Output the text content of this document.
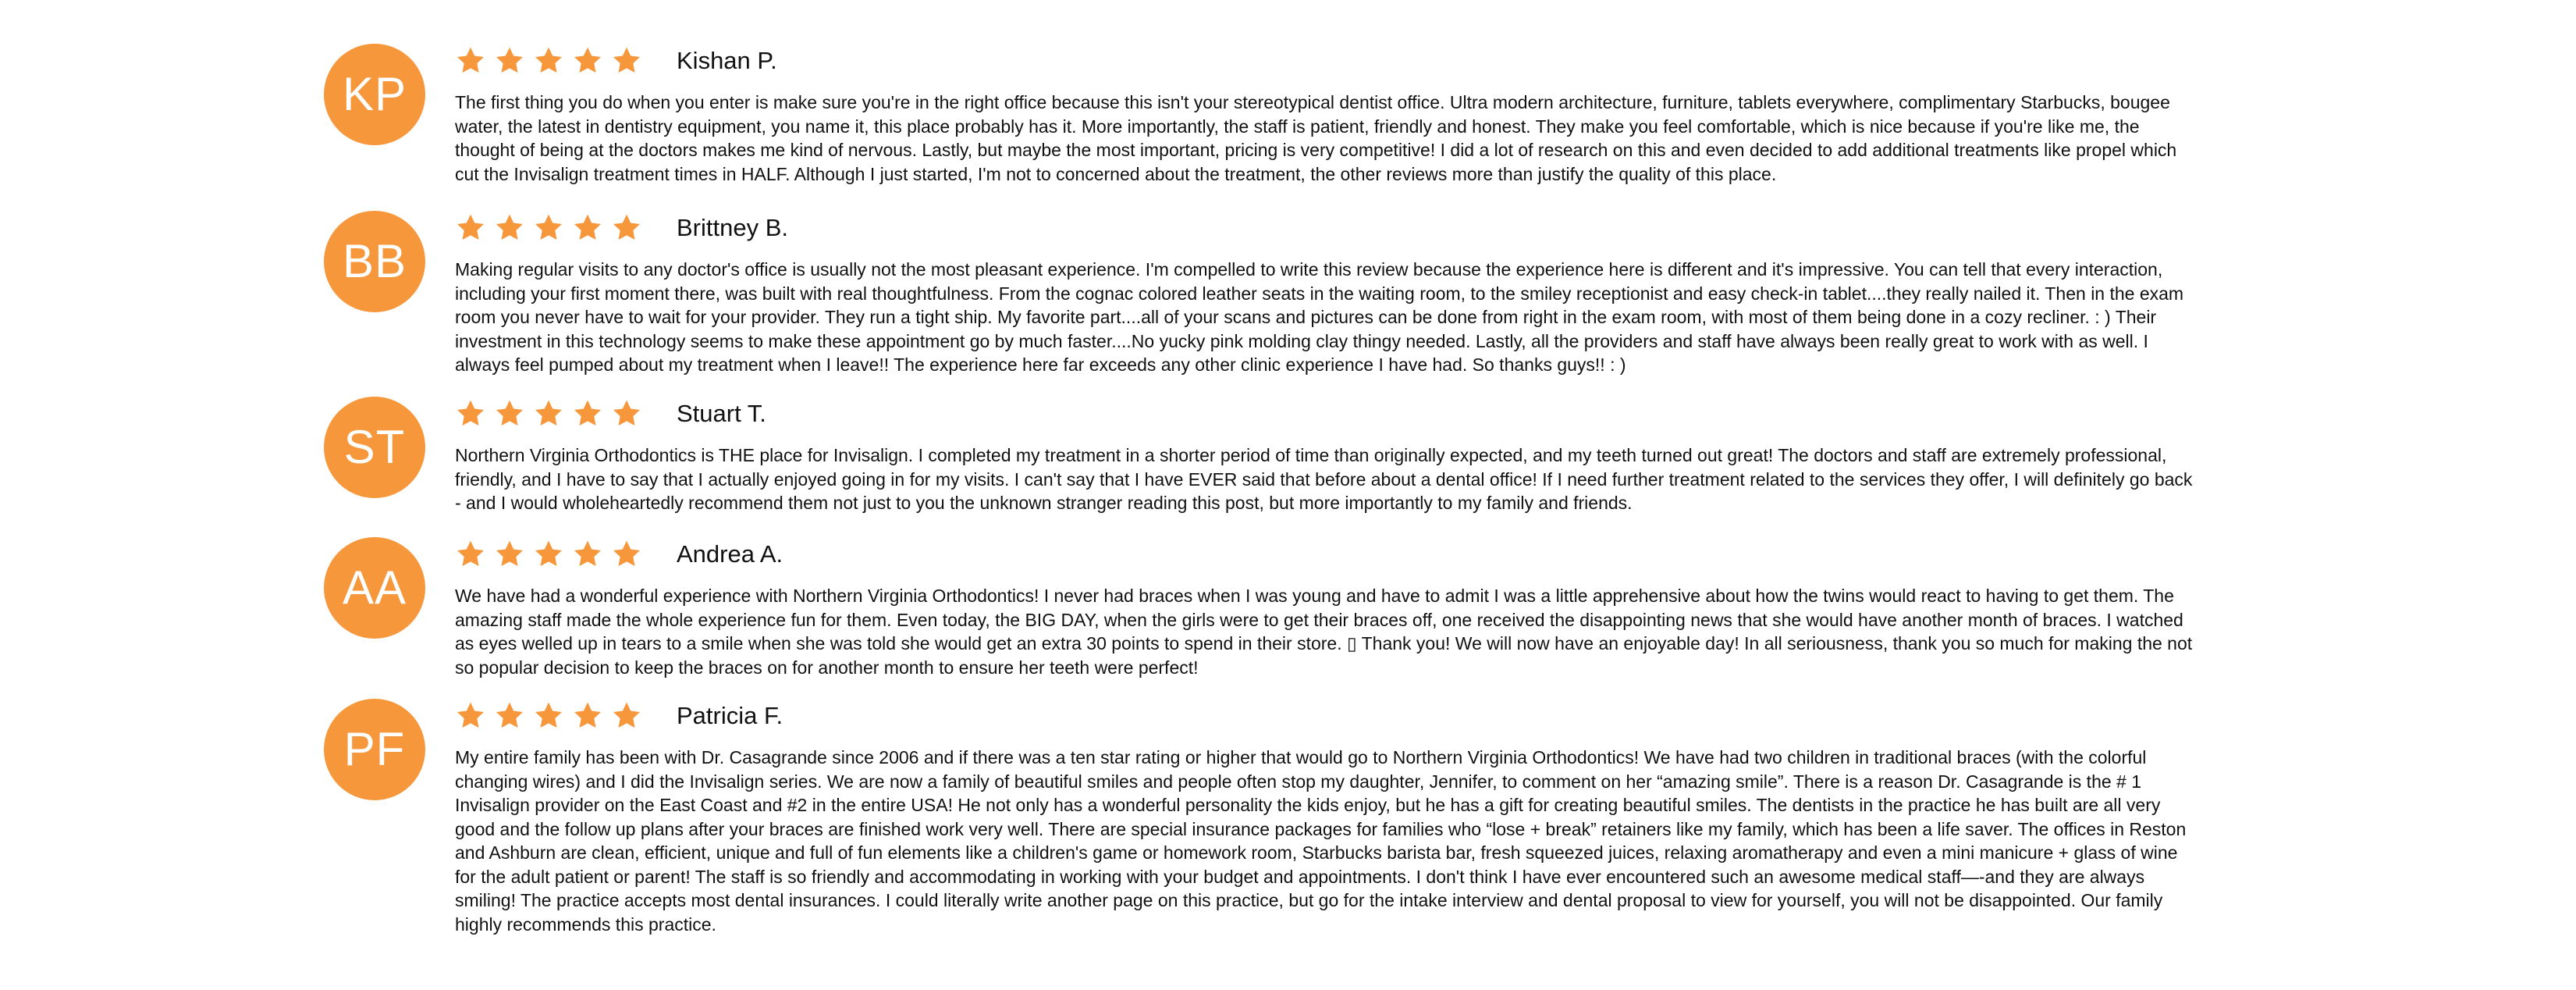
KP
Kishan P.

The first thing you do when you enter is make sure you're in the right office because this isn't your stereotypical dentist office. Ultra modern architecture, furniture, tablets everywhere, complimentary Starbucks, bougee water, the latest in dentistry equipment, you name it, this place probably has it. More importantly, the staff is patient, friendly and honest. They make you feel comfortable, which is nice because if you're like me, the thought of being at the doctors makes me kind of nervous. Lastly, but maybe the most important, pricing is very competitive! I did a lot of research on this and even decided to add additional treatments like propel which cut the Invisalign treatment times in HALF. Although I just started, I'm not to concerned about the treatment, the other reviews more than justify the quality of this place.

BB
Brittney B.

Making regular visits to any doctor's office is usually not the most pleasant experience. I'm compelled to write this review because the experience here is different and it's impressive. You can tell that every interaction, including your first moment there, was built with real thoughtfulness. From the cognac colored leather seats in the waiting room, to the smiley receptionist and easy check-in tablet....they really nailed it. Then in the exam room you never have to wait for your provider. They run a tight ship. My favorite part....all of your scans and pictures can be done from right in the exam room, with most of them being done in a cozy recliner. : ) Their investment in this technology seems to make these appointment go by much faster....No yucky pink molding clay thingy needed. Lastly, all the providers and staff have always been really great to work with as well. I always feel pumped about my treatment when I leave!! The experience here far exceeds any other clinic experience I have had. So thanks guys!! : )

ST
Stuart T.

Northern Virginia Orthodontics is THE place for Invisalign. I completed my treatment in a shorter period of time than originally expected, and my teeth turned out great! The doctors and staff are extremely professional, friendly, and I have to say that I actually enjoyed going in for my visits. I can't say that I have EVER said that before about a dental office! If I need further treatment related to the services they offer, I will definitely go back - and I would wholeheartedly recommend them not just to you the unknown stranger reading this post, but more importantly to my family and friends.

AA
Andrea A.

We have had a wonderful experience with Northern Virginia Orthodontics! I never had braces when I was young and have to admit I was a little apprehensive about how the twins would react to having to get them. The amazing staff made the whole experience fun for them. Even today, the BIG DAY, when the girls were to get their braces off, one received the disappointing news that she would have another month of braces. I watched as eyes welled up in tears to a smile when she was told she would get an extra 30 points to spend in their store. ▯ Thank you! We will now have an enjoyable day! In all seriousness, thank you so much for making the not so popular decision to keep the braces on for another month to ensure her teeth were perfect!

PF
Patricia F.

My entire family has been with Dr. Casagrande since 2006 and if there was a ten star rating or higher that would go to Northern Virginia Orthodontics! We have had two children in traditional braces (with the colorful changing wires) and I did the Invisalign series. We are now a family of beautiful smiles and people often stop my daughter, Jennifer, to comment on her “amazing smile”. There is a reason Dr. Casagrande is the # 1 Invisalign provider on the East Coast and #2 in the entire USA! He not only has a wonderful personality the kids enjoy, but he has a gift for creating beautiful smiles. The dentists in the practice he has built are all very good and the follow up plans after your braces are finished work very well. There are special insurance packages for families who “lose + break” retainers like my family, which has been a life saver. The offices in Reston and Ashburn are clean, efficient, unique and full of fun elements like a children's game or homework room, Starbucks barista bar, fresh squeezed juices, relaxing aromatherapy and even a mini manicure + glass of wine for the adult patient or parent! The staff is so friendly and accommodating in working with your budget and appointments. I don't think I have ever encountered such an awesome medical staff—-and they are always smiling! The practice accepts most dental insurances. I could literally write another page on this practice, but go for the intake interview and dental proposal to view for yourself, you will not be disappointed. Our family highly recommends this practice.
